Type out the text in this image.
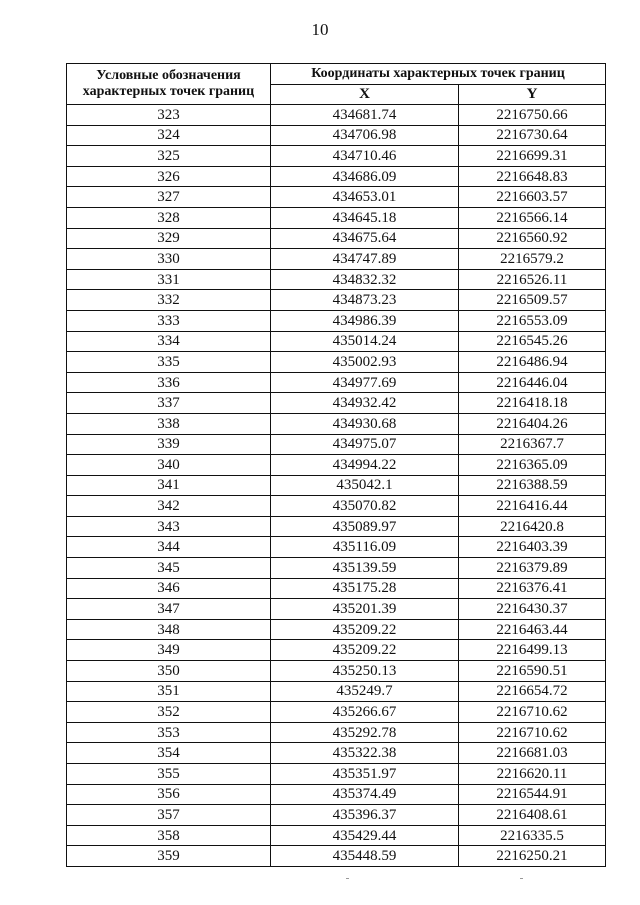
10
Условные обозначения характерных точек границ	Координаты характерных точек границ	
	X	Y
323	434681.74	2216750.66
324	434706.98	2216730.64
325	434710.46	2216699.31
326	434686.09	2216648.83
327	434653.01	2216603.57
328	434645.18	2216566.14
329	434675.64	2216560.92
330	434747.89	2216579.2
331	434832.32	2216526.11
332	434873.23	2216509.57
333	434986.39	2216553.09
334	435014.24	2216545.26
335	435002.93	2216486.94
336	434977.69	2216446.04
337	434932.42	2216418.18
338	434930.68	2216404.26
339	434975.07	2216367.7
340	434994.22	2216365.09
341	435042.1	2216388.59
342	435070.82	2216416.44
343	435089.97	2216420.8
344	435116.09	2216403.39
345	435139.59	2216379.89
346	435175.28	2216376.41
347	435201.39	2216430.37
348	435209.22	2216463.44
349	435209.22	2216499.13
350	435250.13	2216590.51
351	435249.7	2216654.72
352	435266.67	2216710.62
353	435292.78	2216710.62
354	435322.38	2216681.03
355	435351.97	2216620.11
356	435374.49	2216544.91
357	435396.37	2216408.61
358	435429.44	2216335.5
359	435448.59	2216250.21
